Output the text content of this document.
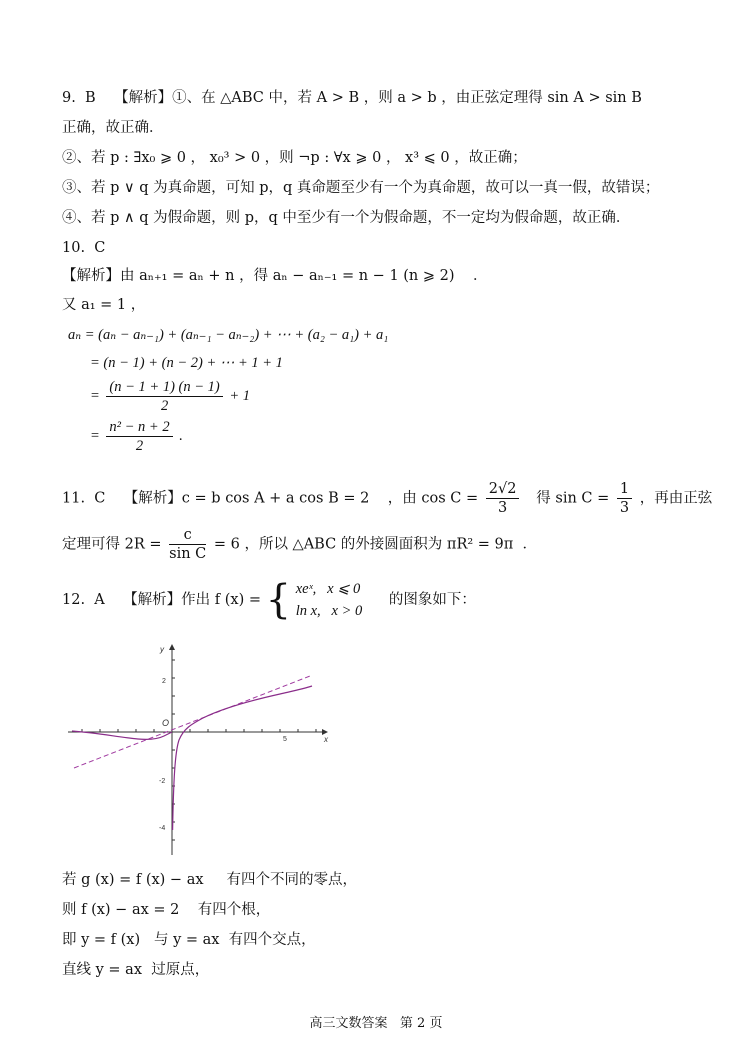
9.  B    【解析】①、在 △ABC 中，若 A > B ，则 a > b ，由正弦定理得 sin A > sin B
正确，故正确．
②、若 p : ∃x₀ ⩾ 0 ， x₀³ > 0 ，则 ¬p : ∀x ⩾ 0 ， x³ ⩽ 0 ，故正确；
③、若 p ∨ q 为真命题，可知 p，q 真命题至少有一个为真命题，故可以一真一假，故错误；
④、若 p ∧ q 为假命题，则 p，q 中至少有一个为假命题，不一定均为假命题，故正确．
10.  C
【解析】由 aₙ₊₁ = aₙ + n ，得 aₙ − aₙ₋₁ = n − 1 (n ⩾ 2)    ．
又 a₁ = 1 ，
aₙ = (aₙ − aₙ₋₁) + (aₙ₋₁ − aₙ₋₂) + ⋯ + (a₂ − a₁) + a₁
= (n − 1) + (n − 2) + ⋯ + 1 + 1
= $\frac{(n - 1 + 1) (n - 1)}{2} + 1$
= $\frac{\text{n² − n + 2}}{2}$ .
11.  C    【解析】c = b cos A + a cos B = 2    ，由 $\cos C = \frac{2√2}{3}$ 得 $\sin C = \frac{1}{3}$ ，再由正弦
定理可得 $2R = \frac{c}{\text{sin C}} = 6$ ，所以 △ABC 的外接圆面积为 πR² = 9π  ．
12.  A    【解析】作出 f (x) = { xeˣ,   x ⩽ 0
ln x,   x > 0
的图象如下：
y
x
O
2
-2
-4
5
若 g (x) = f (x) − ax     有四个不同的零点，
则 f (x) − ax = 2    有四个根，
即 y = f (x)   与 y = ax  有四个交点，
直线 y = ax  过原点，
高三文数答案   第 2 页
